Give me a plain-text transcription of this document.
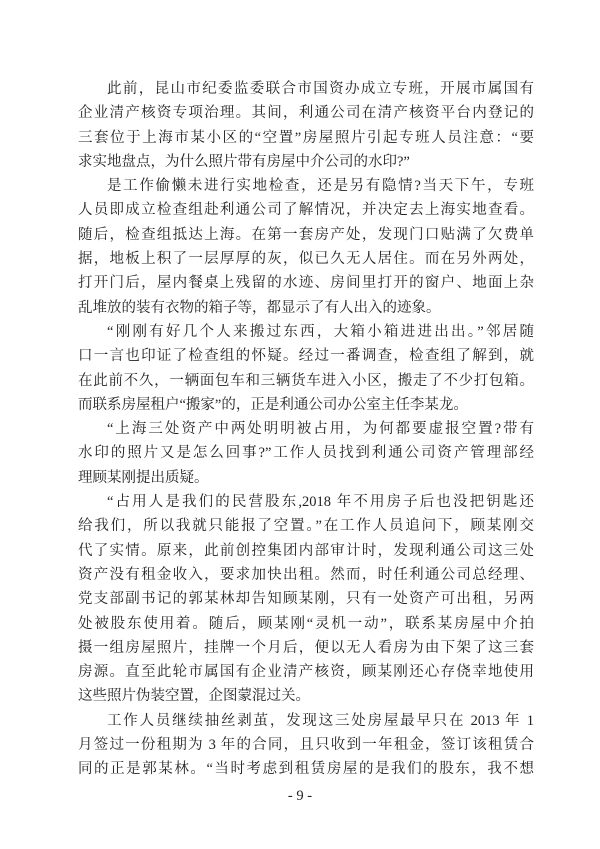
此前，昆山市纪委监委联合市国资办成立专班，开展市属国有
企业清产核资专项治理。其间，利通公司在清产核资平台内登记的
三套位于上海市某小区的“空置”房屋照片引起专班人员注意：“要
求实地盘点，为什么照片带有房屋中介公司的水印?”
是工作偷懒未进行实地检查，还是另有隐情?当天下午，专班
人员即成立检查组赴利通公司了解情况，并决定去上海实地查看。
随后，检查组抵达上海。在第一套房产处，发现门口贴满了欠费单
据，地板上积了一层厚厚的灰，似已久无人居住。而在另外两处，
打开门后，屋内餐桌上残留的水迹、房间里打开的窗户、地面上杂
乱堆放的装有衣物的箱子等，都显示了有人出入的迹象。
“刚刚有好几个人来搬过东西，大箱小箱进进出出。”邻居随
口一言也印证了检查组的怀疑。经过一番调查，检查组了解到，就
在此前不久，一辆面包车和三辆货车进入小区，搬走了不少打包箱。
而联系房屋租户“搬家”的，正是利通公司办公室主任李某龙。
“上海三处资产中两处明明被占用，为何都要虚报空置?带有
水印的照片又是怎么回事?”工作人员找到利通公司资产管理部经
理顾某刚提出质疑。
“占用人是我们的民营股东,2018 年不用房子后也没把钥匙还
给我们，所以我就只能报了空置。”在工作人员追问下，顾某刚交
代了实情。原来，此前创控集团内部审计时，发现利通公司这三处
资产没有租金收入，要求加快出租。然而，时任利通公司总经理、
党支部副书记的郭某林却告知顾某刚，只有一处资产可出租，另两
处被股东使用着。随后，顾某刚“灵机一动”，联系某房屋中介拍
摄一组房屋照片，挂牌一个月后，便以无人看房为由下架了这三套
房源。直至此轮市属国有企业清产核资，顾某刚还心存侥幸地使用
这些照片伪装空置，企图蒙混过关。
工作人员继续抽丝剥茧，发现这三处房屋最早只在 2013 年 1
月签过一份租期为 3 年的合同，且只收到一年租金，签订该租赁合
同的正是郭某林。“当时考虑到租赁房屋的是我们的股东，我不想
- 9 -
